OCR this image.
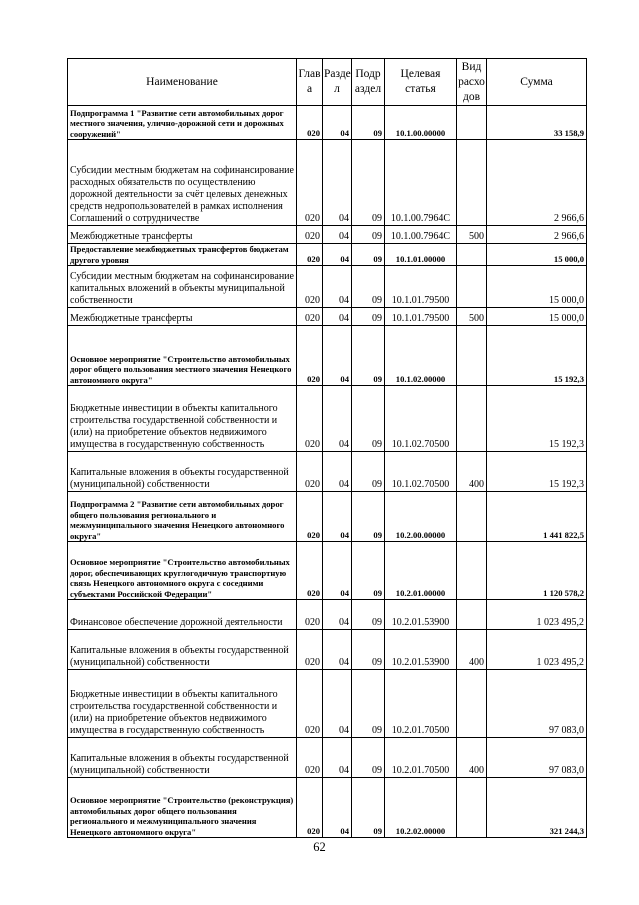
Наименование	Глав а	Разде л	Подр аздел	Целевая статья	Вид расхо дов	Сумма
Подпрограмма 1 "Развитие сети автомобильных дорог местного значения, улично-дорожной сети и дорожных сооружений"	020	04	09	10.1.00.00000		33 158,9
Субсидии местным бюджетам на софинансирование расходных обязательств по осуществлению дорожной деятельности за счёт целевых денежных средств недропользователей в рамках исполнения Соглашений о сотрудничестве	020	04	09	10.1.00.7964С		2 966,6
Межбюджетные трансферты	020	04	09	10.1.00.7964С	500	2 966,6
Предоставление межбюджетных трансфертов бюджетам другого уровня	020	04	09	10.1.01.00000		15 000,0
Субсидии местным бюджетам на софинансирование капитальных вложений в объекты муниципальной собственности	020	04	09	10.1.01.79500		15 000,0
Межбюджетные трансферты	020	04	09	10.1.01.79500	500	15 000,0
Основное мероприятие "Строительство автомобильных дорог общего пользования местного значения Ненецкого автономного округа"	020	04	09	10.1.02.00000		15 192,3
Бюджетные инвестиции в объекты капитального строительства государственной собственности и (или) на приобретение объектов недвижимого имущества в государственную собственность	020	04	09	10.1.02.70500		15 192,3
Капитальные вложения в объекты государственной (муниципальной) собственности	020	04	09	10.1.02.70500	400	15 192,3
Подпрограмма 2 "Развитие сети автомобильных дорог общего пользования регионального и межмуниципального значения Ненецкого автономного округа"	020	04	09	10.2.00.00000		1 441 822,5
Основное мероприятие "Строительство автомобильных дорог, обеспечивающих круглогодичную транспортную связь Ненецкого автономного округа с соседними субъектами Российской Федерации"	020	04	09	10.2.01.00000		1 120 578,2
Финансовое обеспечение дорожной деятельности	020	04	09	10.2.01.53900		1 023 495,2
Капитальные вложения в объекты государственной (муниципальной) собственности	020	04	09	10.2.01.53900	400	1 023 495,2
Бюджетные инвестиции в объекты капитального строительства государственной собственности и (или) на приобретение объектов недвижимого имущества в государственную собственность	020	04	09	10.2.01.70500		97 083,0
Капитальные вложения в объекты государственной (муниципальной) собственности	020	04	09	10.2.01.70500	400	97 083,0
Основное мероприятие "Строительство (реконструкция) автомобильных дорог общего пользования регионального и межмуниципального значения Ненецкого автономного округа"	020	04	09	10.2.02.00000		321 244,3
62
